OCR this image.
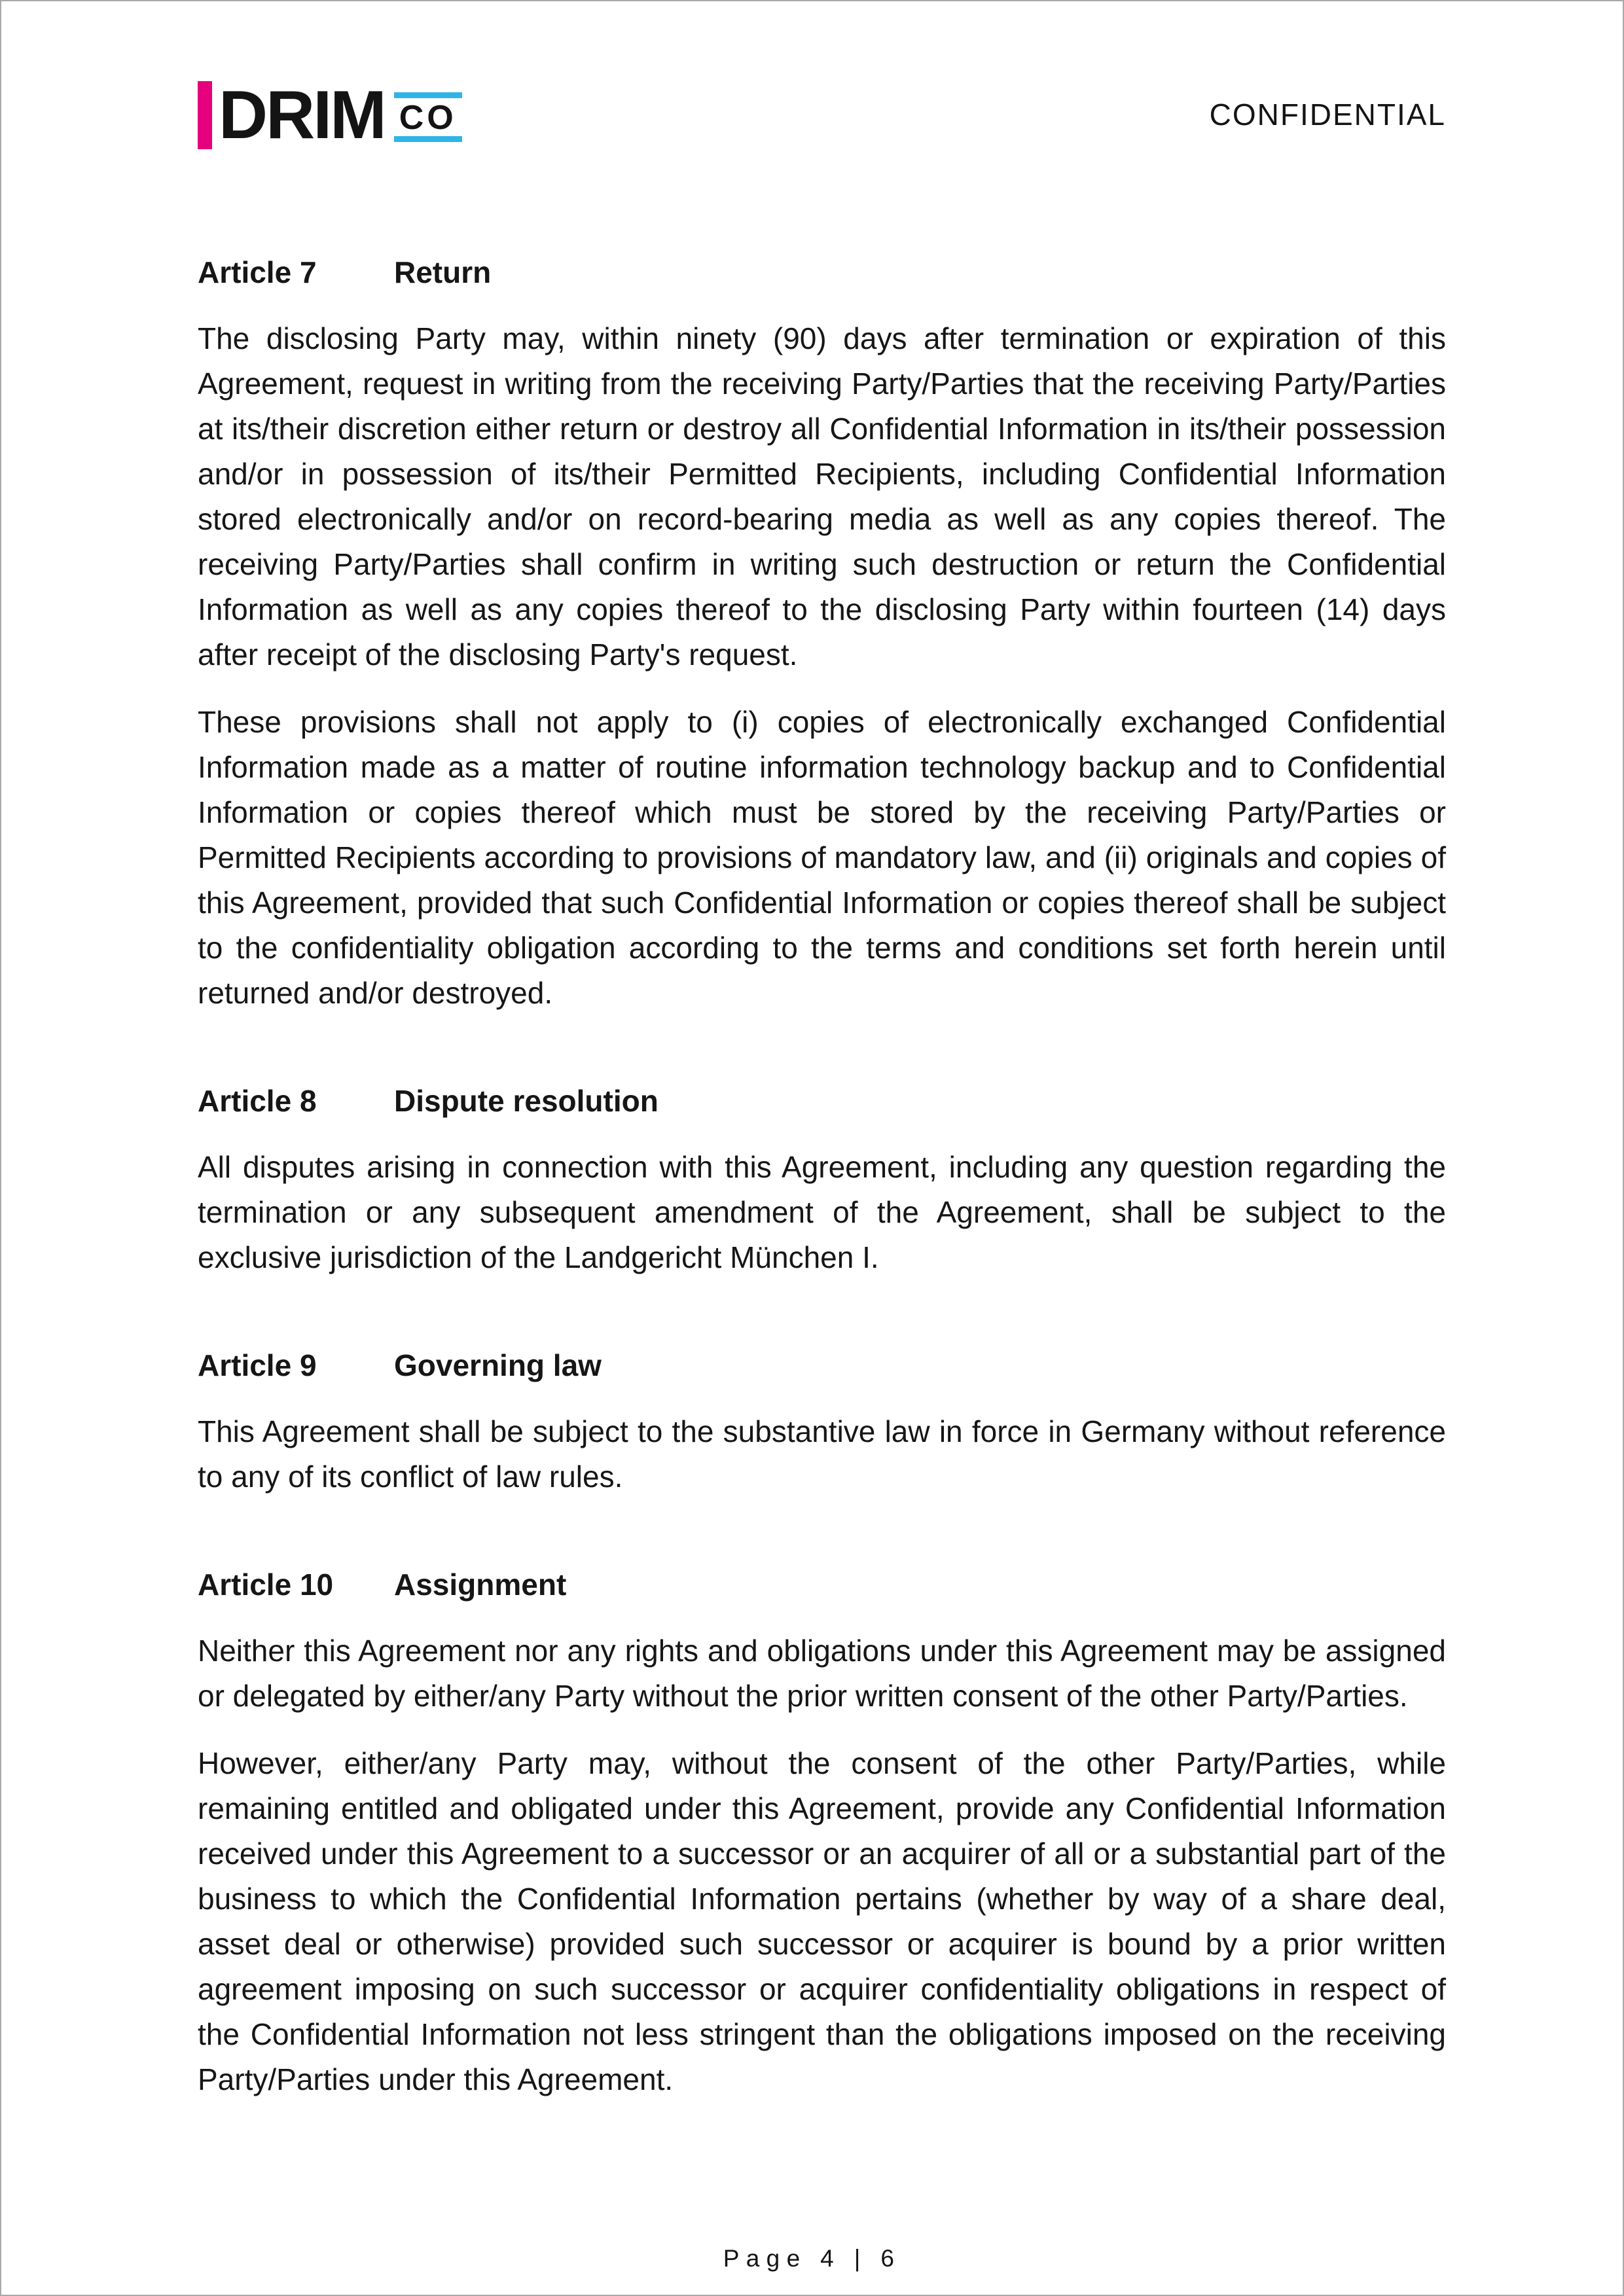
DRIM CO	CONFIDENTIAL
Article 7	Return

The disclosing Party may, within ninety (90) days after termination or expiration of this Agreement, request in writing from the receiving Party/Parties that the receiving Party/Parties at its/their discretion either return or destroy all Confidential Information in its/their possession and/or in possession of its/their Permitted Recipients, including Confidential Information stored electronically and/or on record-bearing media as well as any copies thereof. The receiving Party/Parties shall confirm in writing such destruction or return the Confidential Information as well as any copies thereof to the disclosing Party within fourteen (14) days after receipt of the disclosing Party's request.

These provisions shall not apply to (i) copies of electronically exchanged Confidential Information made as a matter of routine information technology backup and to Confidential Information or copies thereof which must be stored by the receiving Party/Parties or Permitted Recipients according to provisions of mandatory law, and (ii) originals and copies of this Agreement, provided that such Confidential Information or copies thereof shall be subject to the confidentiality obligation according to the terms and conditions set forth herein until returned and/or destroyed.

Article 8	Dispute resolution

All disputes arising in connection with this Agreement, including any question regarding the termination or any subsequent amendment of the Agreement, shall be subject to the exclusive jurisdiction of the Landgericht München I.

Article 9	Governing law

This Agreement shall be subject to the substantive law in force in Germany without reference to any of its conflict of law rules.

Article 10	Assignment

Neither this Agreement nor any rights and obligations under this Agreement may be assigned or delegated by either/any Party without the prior written consent of the other Party/Parties.

However, either/any Party may, without the consent of the other Party/Parties, while remaining entitled and obligated under this Agreement, provide any Confidential Information received under this Agreement to a successor or an acquirer of all or a substantial part of the business to which the Confidential Information pertains (whether by way of a share deal, asset deal or otherwise) provided such successor or acquirer is bound by a prior written agreement imposing on such successor or acquirer confidentiality obligations in respect of the Confidential Information not less stringent than the obligations imposed on the receiving Party/Parties under this Agreement.

Page 4 | 6
